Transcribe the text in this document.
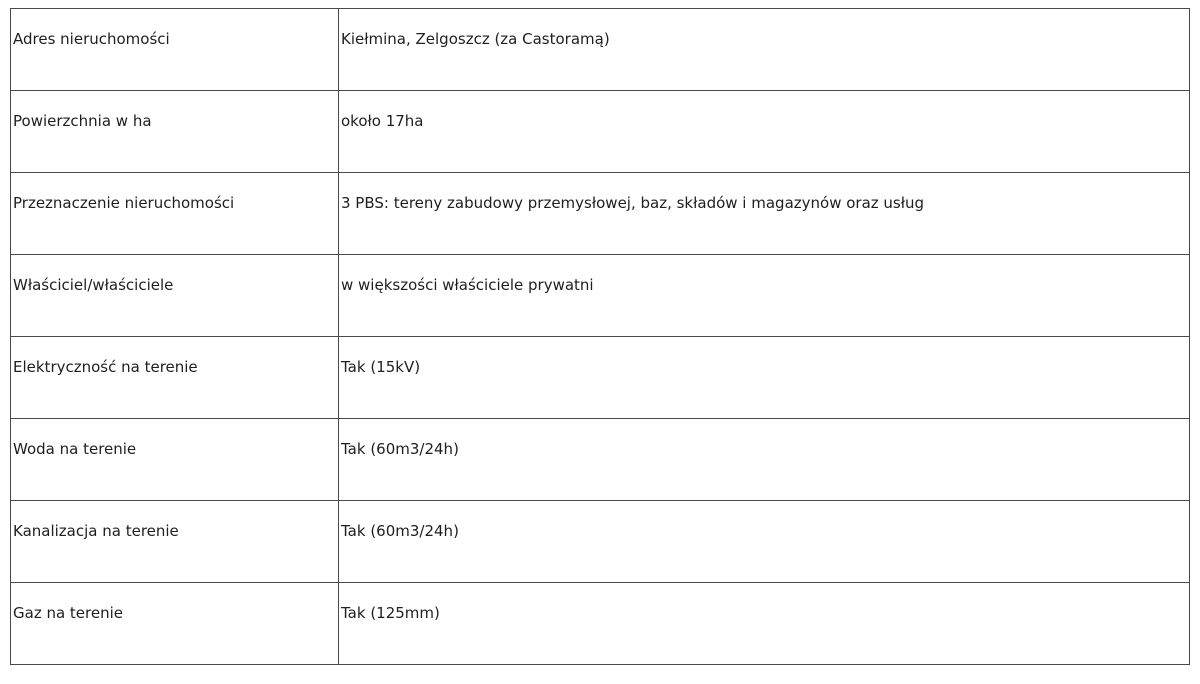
Adres nieruchomości	Kiełmina, Zelgoszcz (za Castoramą)

Powierzchnia w ha	około 17ha

Przeznaczenie nieruchomości	3 PBS: tereny zabudowy przemysłowej, baz, składów i magazynów oraz usług

Właściciel/właściciele	w większości właściciele prywatni

Elektryczność na terenie	Tak (15kV)

Woda na terenie	Tak (60m3/24h)

Kanalizacja na terenie	Tak (60m3/24h)

Gaz na terenie	Tak (125mm)
